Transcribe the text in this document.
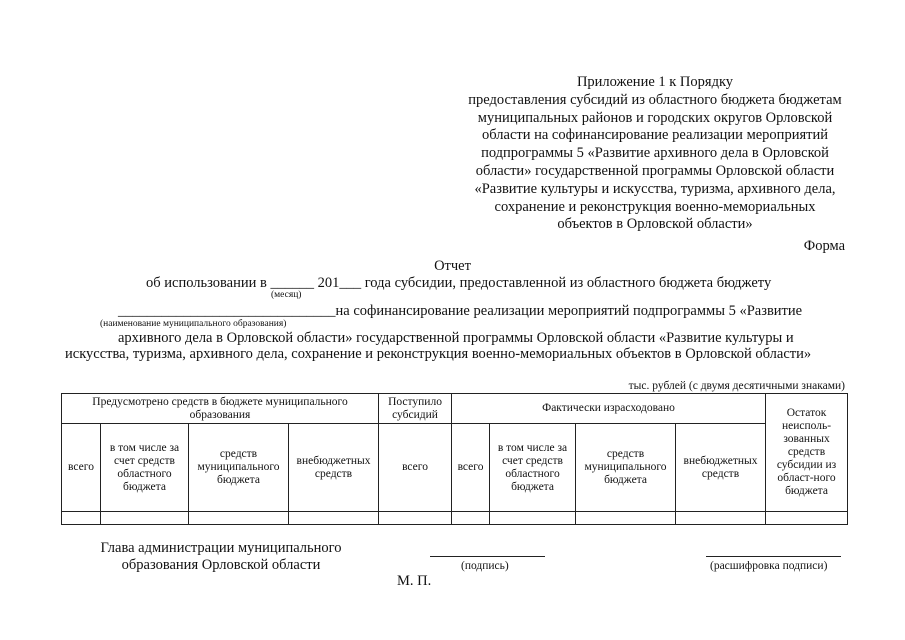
Приложение 1 к Порядку
предоставления субсидий из областного бюджета бюджетам
муниципальных районов и городских округов Орловской
области на софинансирование реализации мероприятий
подпрограммы 5 «Развитие архивного дела в Орловской
области» государственной программы Орловской области
«Развитие культуры и искусства, туризма, архивного дела,
сохранение и реконструкция военно-мемориальных
объектов в Орловской области»
Форма
Отчет
об использовании в ______ 201___ года субсидии, предоставленной из областного бюджета бюджету
(месяц)
______________________________на софинансирование реализации мероприятий подпрограммы 5 «Развитие
(наименование муниципального образования)
архивного дела в Орловской области» государственной программы Орловской области «Развитие культуры и
искусства, туризма, архивного дела, сохранение и реконструкция военно-мемориальных объектов в Орловской области»
тыс. рублей (с двумя десятичными знаками)
Предусмотрено средств в бюджете муниципального образования				Поступило субсидий	Фактически израсходовано				Остаток неисполь-зованных средств субсидии из област-ного бюджета
всего	в том числе за счет средств областного бюджета	средств муниципального бюджета	внебюджетных средств	всего	всего	в том числе за счет средств областного бюджета	средств муниципального бюджета	внебюджетных средств	

Глава администрации муниципального образования Орловской области	(подпись)	(расшифровка подписи)
М. П.
